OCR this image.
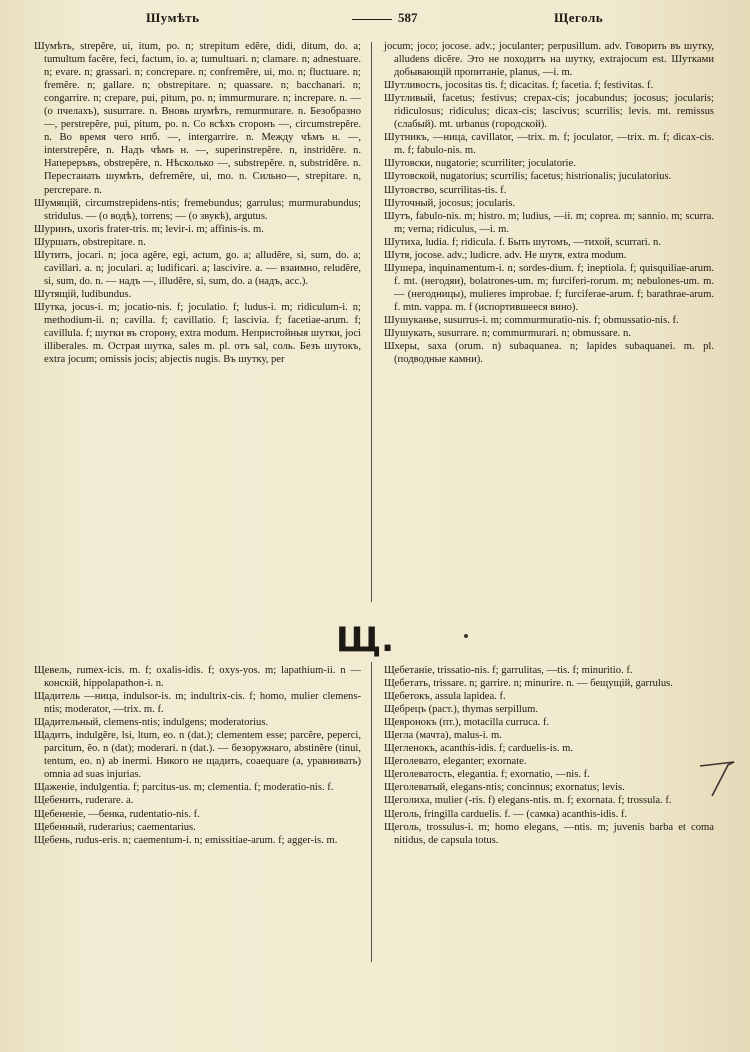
Шумѣть	587	Щеголь

Шумѣть, strepĕre, ui, itum, po. n; strepitum edĕre, didi, ditum, do. a; tumultum facĕre, feci, factum, io. a; tumultuari. n; clamare. n; adnestuare. n; evare. n; grassari. n; concrepare. n; confremĕre, ui, mo. n; fluctuare. n; fremĕre. n; gallare. n; obstrepitare. n; quassare. n; bacchanari. n; congarrire. n; crepare, pui, pitum, po. n; immurmurare. n; increpare. n. — (о пчелахъ), susurrare. n. Вновь шумѣть, remurmurare. n. Безобразно —, perstrepĕre, pui, pitum, po. n. Со всѣхъ сторонъ —, circumstrepĕre. n. Во время чего нпб. —, intergarrire. n. Между чѣмъ н. —, interstrepĕre, n. Надъ чѣмъ н. —, superinstrepĕre. n, instridĕre. n. Напереръвъ, obstrepĕre, n. Нѣсколько —, substrepĕre. n, substridĕre. n. Перестаиать шумѣть, defremĕre, ui, mo. n. Сильно—, strepitare. n, percrepare. n.

Шумящій, circumstrepidens-ntis; fremebundus; garrulus; murmurabundus; stridulus. — (о водѣ), torrens; — (о звукѣ), argutus.

Шуринъ, uxoris frater-tris. m; levir-i. m; affinis-is. m.

Шуршать, obstrepitare. n.

Шутить, jocari. n; joca agĕre, egi, actum, go. a; alludĕre, si, sum, do. a; cavillari. a. n; joculari. a; ludificari. a; lascivire. a. — взаимно, reludĕre, si, sum, do. n. — надъ —, illudĕre, si, sum, do. a (надъ, acc.).

Шутящій, ludibundus.

Шутка, jocus-i. m; jocatio-nis. f; joculatio. f; ludus-i. m; ridiculum-i. n; methodium-ii. n; cavilla. f; cavillatio. f; lascivia. f; facetiae-arum. f; cavillula. f; шутки въ сторону, extra modum. Непристойныя шутки, joci illiberales. m. Острая шутка, sales m. pl. отъ sal, соль. Безъ шутокъ, extra jocum; omissis jocis; abjectis nugis. Въ шутку, per

jocum; joco; jocose. adv.; joculanter; perpusillum. adv. Говорить въ шутку, alludens dicĕre. Это не походитъ на шутку, extrajocum est. Шутками добывающій пропитаніе, planus, —i. m.

Шутливость, jocositas tis. f; dicacitas. f; facetia. f; festivitas. f.

Шутливый, facetus; festivus; crepax-cis; jocabundus; jocosus; jocularis; ridiculosus; ridiculus; dicax-cis; lascivus; scurrilis; levis. mt. remissus (слабый). mt. urbanus (городской).

Шутникъ, —ница, cavillator, —trix. m. f; joculator, —trix. m. f; dicax-cis. m. f; fabulo-nis. m.

Шутовски, nugatorie; scurriliter; joculatorie.

Шутовской, nugatorius; scurrilis; facetus; histrionalis; juculatorius.

Шутовство, scurrilitas-tis. f.

Шуточный, jocosus; jocularis.

Шутъ, fabulo-nis. m; histro. m; ludius, —ii. m; coprea. m; sannio. m; scurra. m; verna; ridiculus, —i. m.

Шутиха, ludia. f; ridicula. f. Быть шутомъ, —тихой, scurrari. n.

Шутя, jocose. adv.; ludicre. adv. Не шутя, extra modum.

Шушера, inquinamentum-i. n; sordes-dium. f; ineptiola. f; quisquiliae-arum. f. mt. (негодяи), bolatrones-um. m; furciferi-rorum. m; nebulones-um. m. — (негодницы), mulieres improbae. f; furciferae-arum. f; barathrae-arum. f. mtn. vappa. m. f (испортившееся вино).

Шушуканье, susurrus-i. m; commurmuratio-nis. f; obmussatio-nis. f.

Шушукать, susurrare. n; commurmurari. n; obmussare. n.

Шхеры, saxa (orum. n) subaquanea. n; lapides subaquanei. m. pl. (подводные камни).

Щ.

Щевель, rumex-icis. m. f; oxalis-idis. f; oxys-yos. m; lapathium-ii. n — конскій, hippolapathon-i. n.

Щадитель —ница, indulsor-is. m; indultrix-cis. f; homo, mulier clemens-ntis; moderator, —trix. m. f.

Щадительный, clemens-ntis; indulgens; moderatorius.

Щадить, indulgĕre, lsi, ltum, eo. n (dat.); clementem esse; parcĕre, peperci, parcitum, ĕo. n (dat); moderari. n (dat.). — безоружнаго, abstinĕre (tinui, tentum, eo. n) ab inermi. Никого не щадить, coaequare (a, уравнивать) omnia ad suas injurias.

Щаженіе, indulgentia. f; parcitus-us. m; clementia. f; moderatio-nis. f.

Щебенить, ruderare. a.

Щебененіе, —бенка, rudentatio-nis. f.

Щебенный, ruderarius; caementarius.

Щебень, rudus-eris. n; caementum-i. n; emissitiae-arum. f; agger-is. m.

Щебетаніе, trissatio-nis. f; garrulitas, —tis. f; minuritio. f.

Щебетать, trissare. n; garrire. n; minurire. n. — бещущій, garrulus.

Щебетокъ, assula lapidea. f.

Щебрецъ (раст.), thymas serpillum.

Щевронокъ (пт.), motacilla curruca. f.

Щегла (мачта), malus-i. m.

Щегленокъ, acanthis-idis. f; carduelis-is. m.

Щеголевато, eleganter; exornate.

Щеголеватость, elegantia. f; exornatio, —nis. f.

Щеголеватый, elegans-ntis; concinnus; exornatus; levis.

Щеголиха, mulier (-ris. f) elegans-ntis. m. f; exornata. f; trossula. f.

Щеголь, fringilla carduelis. f. — (самка) acanthis-idis. f.

Щеголь, trossulus-i. m; homo elegans, —ntis. m; juvenis barba et coma nitidus, de capsula totus.
